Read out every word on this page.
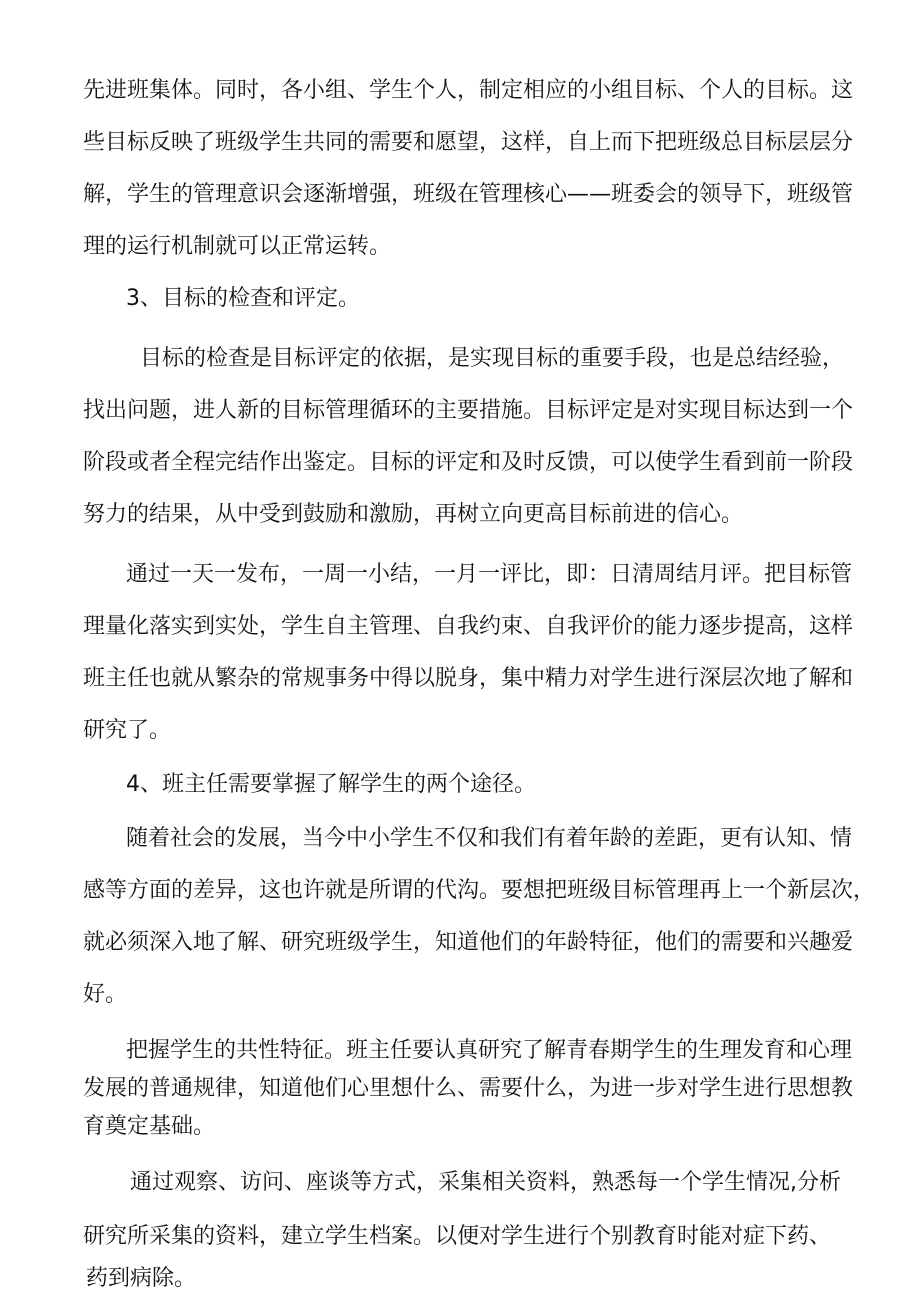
先进班集体。同时，各小组、学生个人，制定相应的小组目标、个人的目标。这

些目标反映了班级学生共同的需要和愿望，这样，自上而下把班级总目标层层分

解，学生的管理意识会逐渐增强，班级在管理核心——班委会的领导下，班级管

理的运行机制就可以正常运转。

3、目标的检查和评定。

目标的检查是目标评定的依据，是实现目标的重要手段，也是总结经验，

找出问题，进人新的目标管理循环的主要措施。目标评定是对实现目标达到一个

阶段或者全程完结作出鉴定。目标的评定和及时反馈，可以使学生看到前一阶段

努力的结果，从中受到鼓励和激励，再树立向更高目标前进的信心。

通过一天一发布，一周一小结，一月一评比，即：日清周结月评。把目标管

理量化落实到实处，学生自主管理、自我约束、自我评价的能力逐步提高，这样

班主任也就从繁杂的常规事务中得以脱身，集中精力对学生进行深层次地了解和

研究了。

4、班主任需要掌握了解学生的两个途径。

随着社会的发展，当今中小学生不仅和我们有着年龄的差距，更有认知、情

感等方面的差异，这也许就是所谓的代沟。要想把班级目标管理再上一个新层次，

就必须深入地了解、研究班级学生，知道他们的年龄特征，他们的需要和兴趣爱

好。

把握学生的共性特征。班主任要认真研究了解青春期学生的生理发育和心理

发展的普通规律，知道他们心里想什么、需要什么，为进一步对学生进行思想教

育奠定基础。

通过观察、访问、座谈等方式，采集相关资料，熟悉每一个学生情况,分析

研究所采集的资料，建立学生档案。以便对学生进行个别教育时能对症下药、

药到病除。
